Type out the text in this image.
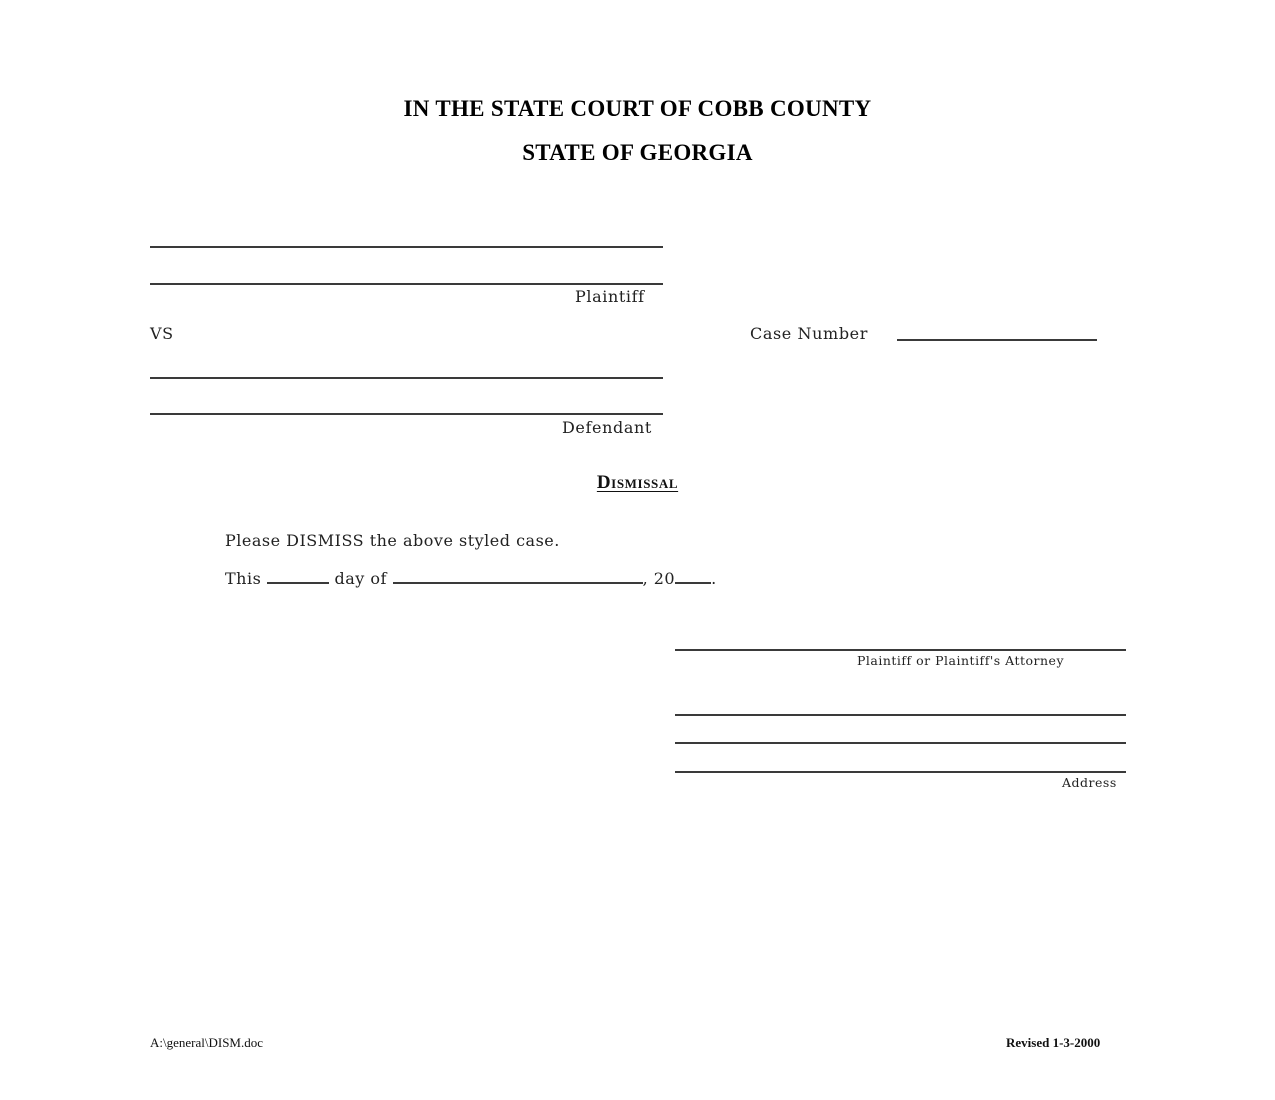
IN THE STATE COURT OF COBB COUNTY
STATE OF GEORGIA
Plaintiff
VS	Case Number
Defendant
Dismissal
Please DISMISS the above styled case.
This	day of	, 20 .
Plaintiff or Plaintiff's Attorney
Address
A:\general\DISM.doc	Revised 1-3-2000
